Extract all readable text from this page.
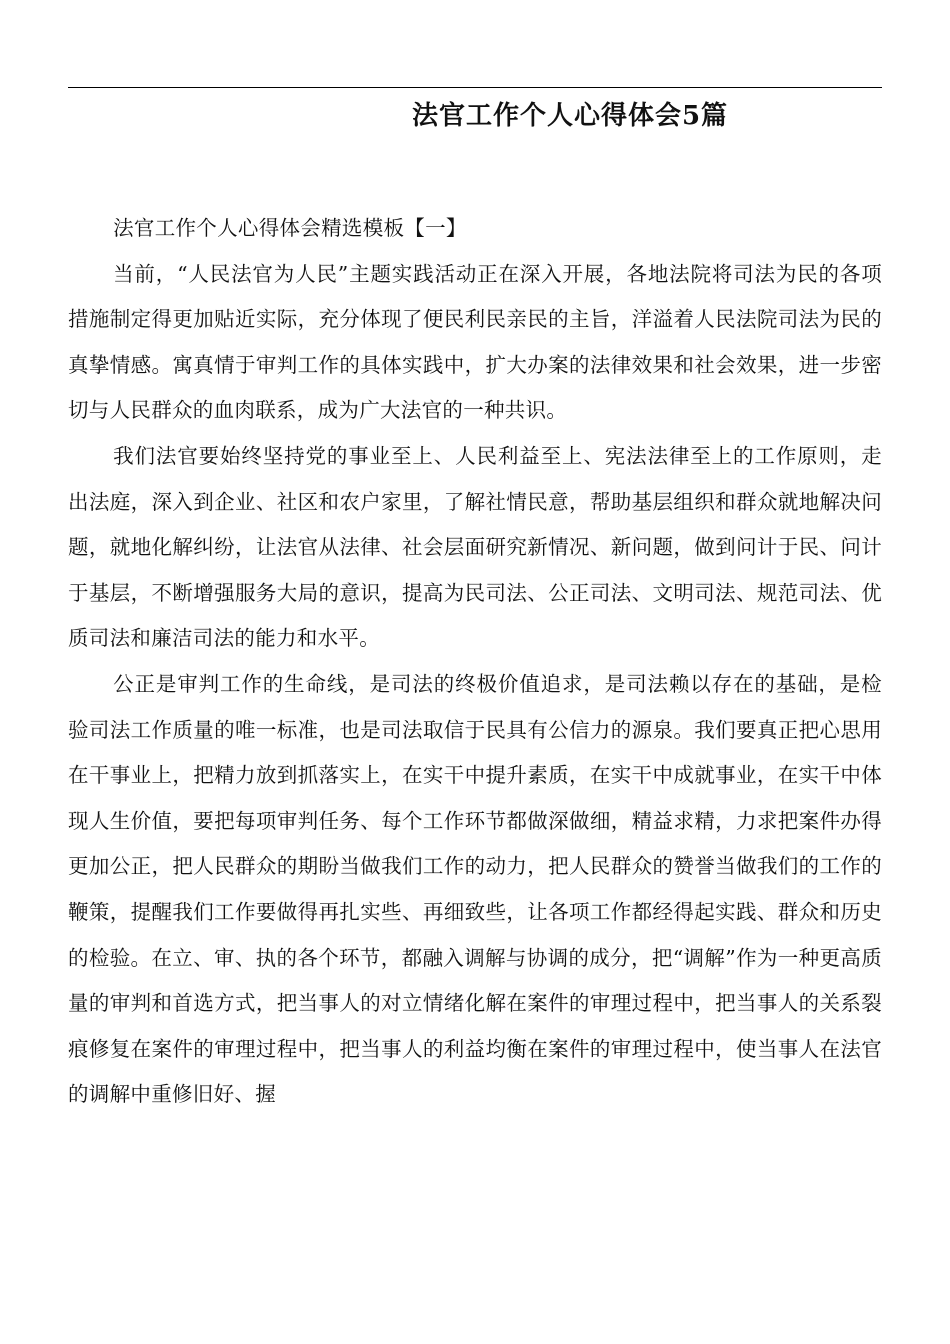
法官工作个人心得体会5篇

法官工作个人心得体会精选模板【一】

当前，“人民法官为人民”主题实践活动正在深入开展，各地法院将司法为民的各项措施制定得更加贴近实际，充分体现了便民利民亲民的主旨，洋溢着人民法院司法为民的真挚情感。寓真情于审判工作的具体实践中，扩大办案的法律效果和社会效果，进一步密切与人民群众的血肉联系，成为广大法官的一种共识。

我们法官要始终坚持党的事业至上、人民利益至上、宪法法律至上的工作原则，走出法庭，深入到企业、社区和农户家里，了解社情民意，帮助基层组织和群众就地解决问题，就地化解纠纷，让法官从法律、社会层面研究新情况、新问题，做到问计于民、问计于基层，不断增强服务大局的意识，提高为民司法、公正司法、文明司法、规范司法、优质司法和廉洁司法的能力和水平。

公正是审判工作的生命线，是司法的终极价值追求，是司法赖以存在的基础，是检验司法工作质量的唯一标准，也是司法取信于民具有公信力的源泉。我们要真正把心思用在干事业上，把精力放到抓落实上，在实干中提升素质，在实干中成就事业，在实干中体现人生价值，要把每项审判任务、每个工作环节都做深做细，精益求精，力求把案件办得更加公正，把人民群众的期盼当做我们工作的动力，把人民群众的赞誉当做我们的工作的鞭策，提醒我们工作要做得再扎实些、再细致些，让各项工作都经得起实践、群众和历史的检验。在立、审、执的各个环节，都融入调解与协调的成分，把“调解”作为一种更高质量的审判和首选方式，把当事人的对立情绪化解在案件的审理过程中，把当事人的关系裂痕修复在案件的审理过程中，把当事人的利益均衡在案件的审理过程中，使当事人在法官的调解中重修旧好、握
